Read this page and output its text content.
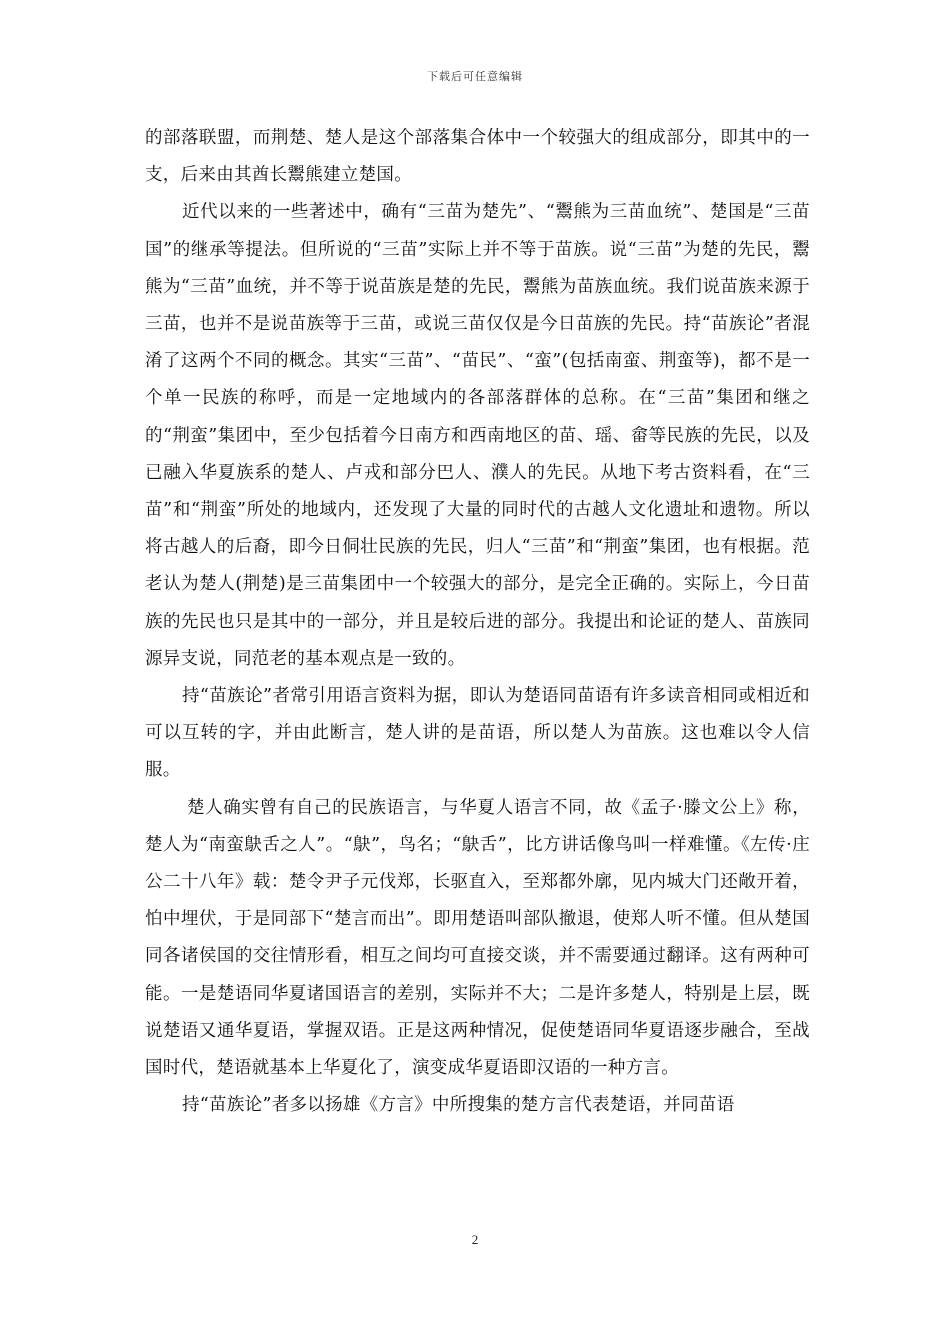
下载后可任意编辑

的部落联盟，而荆楚、楚人是这个部落集合体中一个较强大的组成部分，即其中的一支，后来由其酋长鬻熊建立楚国。

近代以来的一些著述中，确有“三苗为楚先”、“鬻熊为三苗血统”、楚国是“三苗国”的继承等提法。但所说的“三苗”实际上并不等于苗族。说“三苗”为楚的先民，鬻熊为“三苗”血统，并不等于说苗族是楚的先民，鬻熊为苗族血统。我们说苗族来源于三苗，也并不是说苗族等于三苗，或说三苗仅仅是今日苗族的先民。持“苗族论”者混淆了这两个不同的概念。其实“三苗”、“苗民”、“蛮”(包括南蛮、荆蛮等)，都不是一个单一民族的称呼，而是一定地域内的各部落群体的总称。在“三苗”集团和继之的“荆蛮”集团中，至少包括着今日南方和西南地区的苗、瑶、畲等民族的先民，以及已融入华夏族系的楚人、卢戎和部分巴人、濮人的先民。从地下考古资料看，在“三苗”和“荆蛮”所处的地域内，还发现了大量的同时代的古越人文化遗址和遗物。所以将古越人的后裔，即今日侗壮民族的先民，归人“三苗”和“荆蛮”集团，也有根据。范老认为楚人(荆楚)是三苗集团中一个较强大的部分，是完全正确的。实际上，今日苗族的先民也只是其中的一部分，并且是较后进的部分。我提出和论证的楚人、苗族同源异支说，同范老的基本观点是一致的。

持“苗族论”者常引用语言资料为据，即认为楚语同苗语有许多读音相同或相近和可以互转的字，并由此断言，楚人讲的是苗语，所以楚人为苗族。这也难以令人信服。

楚人确实曾有自己的民族语言，与华夏人语言不同，故《孟子·滕文公上》称，楚人为“南蛮鴃舌之人”。“鴃”，鸟名；“鴃舌”，比方讲话像鸟叫一样难懂。《左传·庄公二十八年》载：楚令尹子元伐郑，长驱直入，至郑都外廓，见内城大门还敞开着，怕中埋伏，于是同部下“楚言而出”。即用楚语叫部队撤退，使郑人听不懂。但从楚国同各诸侯国的交往情形看，相互之间均可直接交谈，并不需要通过翻译。这有两种可能。一是楚语同华夏诸国语言的差别，实际并不大；二是许多楚人，特别是上层，既说楚语又通华夏语，掌握双语。正是这两种情况，促使楚语同华夏语逐步融合，至战国时代，楚语就基本上华夏化了，演变成华夏语即汉语的一种方言。

持“苗族论”者多以扬雄《方言》中所搜集的楚方言代表楚语，并同苗语

2
